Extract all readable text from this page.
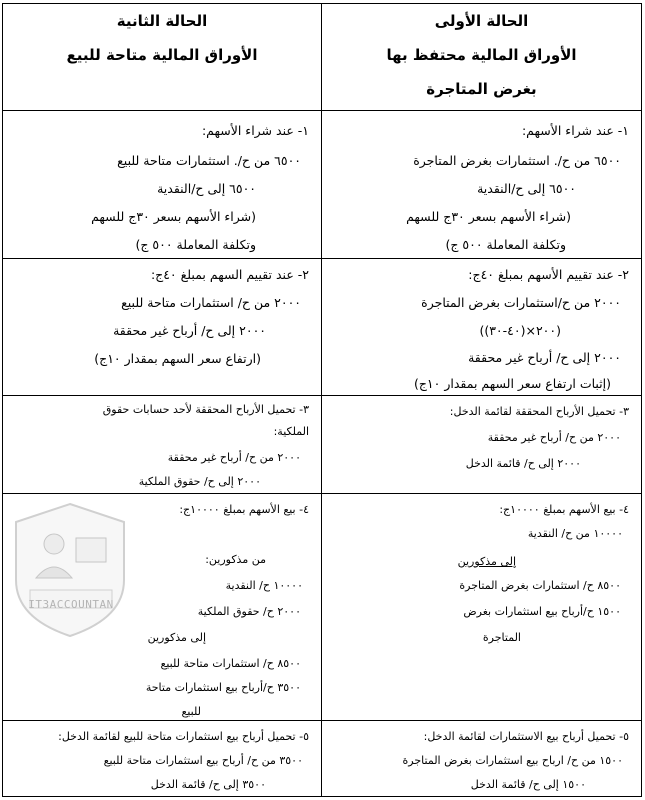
الحالة الأولى
الأوراق المالية محتفظ بها
بغرض المتاجرة
الحالة الثانية
الأوراق المالية متاحة للبيع
١- عند شراء الأسهم:
٦٥٠٠ من ح/. استثمارات بغرض المتاجرة
٦٥٠٠ إلى ح/النقدية
(شراء الأسهم بسعر ٣٠ج للسهم
وتكلفة المعاملة ٥٠٠ ج)
١- عند شراء الأسهم:
٦٥٠٠ من ح/. استثمارات متاحة للبيع
٦٥٠٠ إلى ح/النقدية
(شراء الأسهم بسعر ٣٠ج للسهم
وتكلفة المعاملة ٥٠٠ ج)
٢- عند تقييم الأسهم بمبلغ ٤٠ج:
٢٠٠٠ من ح/استثمارات بغرض المتاجرة
(٢٠٠×(٤٠-٣٠))
٢٠٠٠ إلى ح/ أرباح غير محققة
(إثبات ارتفاع سعر السهم بمقدار ١٠ج)
٢- عند تقييم السهم بمبلغ ٤٠ج:
٢٠٠٠ من ح/ استثمارات متاحة للبيع
٢٠٠٠ إلى ح/ أرباح غير محققة
(ارتفاع سعر السهم بمقدار ١٠ج)
٣- تحميل الأرباح المحققة لقائمة الدخل:
٢٠٠٠ من ح/ أرباح غير محققة
٢٠٠٠ إلى ح/ قائمة الدخل
٣- تحميل الأرباح المحققة لأحد حسابات حقوق
الملكية:
٢٠٠٠ من ح/ أرباح غير محققة
٢٠٠٠ إلى ح/ حقوق الملكية
٤- بيع الأسهم بمبلغ ١٠٠٠٠ج:
١٠٠٠٠ من ح/ النقدية
إلى مذكورين
٨٥٠٠ ح/ استثمارات بغرض المتاجرة
١٥٠٠ ح/أرباح بيع استثمارات بغرض
المتاجرة
٤- بيع الأسهم بمبلغ ١٠٠٠٠ج:
من مذكورين:
١٠٠٠٠ ح/ النقدية
٢٠٠٠ ح/ حقوق الملكية
إلى مذكورين
٨٥٠٠ ح/ استثمارات متاحة للبيع
٣٥٠٠ ح/أرباح بيع استثمارات متاحة
للبيع
٥- تحميل أرباح بيع الاستثمارات لقائمة الدخل:
١٥٠٠ من ح/ ارباح بيع استثمارات بغرض المتاجرة
١٥٠٠ إلى ح/ قائمة الدخل
٥- تحميل أرباح بيع استثمارات متاحة للبيع لقائمة الدخل:
٣٥٠٠ من ح/ أرباح بيع استثمارات متاحة للبيع
٣٥٠٠ إلى ح/ قائمة الدخل
IT3ACCOUNTAN
